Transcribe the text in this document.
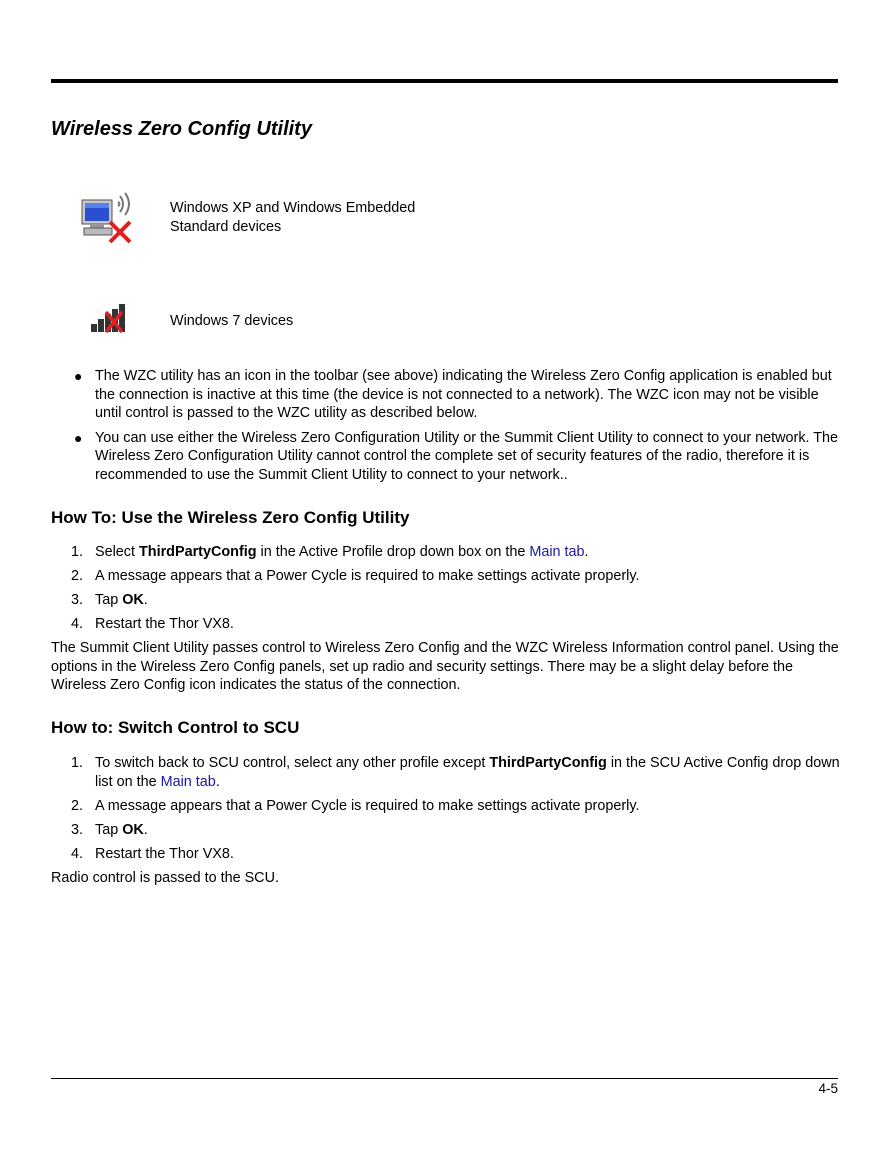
Wireless Zero Config Utility
Windows XP and Windows Embedded
Standard devices
Windows 7 devices
● The WZC utility has an icon in the toolbar (see above) indicating the Wireless Zero Config application is enabled but the connection is inactive at this time (the device is not connected to a network). The WZC icon may not be visible until control is passed to the WZC utility as described below.
● You can use either the Wireless Zero Configuration Utility or the Summit Client Utility to connect to your network. The Wireless Zero Configuration Utility cannot control the complete set of security features of the radio, therefore it is recommended to use the Summit Client Utility to connect to your network..
How To: Use the Wireless Zero Config Utility
1. Select ThirdPartyConfig in the Active Profile drop down box on the Main tab.
2. A message appears that a Power Cycle is required to make settings activate properly.
3. Tap OK.
4. Restart the Thor VX8.

The Summit Client Utility passes control to Wireless Zero Config and the WZC Wireless Information control panel. Using the options in the Wireless Zero Config panels, set up radio and security settings. There may be a slight delay before the Wireless Zero Config icon indicates the status of the connection.

How to: Switch Control to SCU
1. To switch back to SCU control, select any other profile except ThirdPartyConfig in the SCU Active Config drop down list on the Main tab.
2. A message appears that a Power Cycle is required to make settings activate properly.
3. Tap OK.
4. Restart the Thor VX8.

Radio control is passed to the SCU.

4-5
